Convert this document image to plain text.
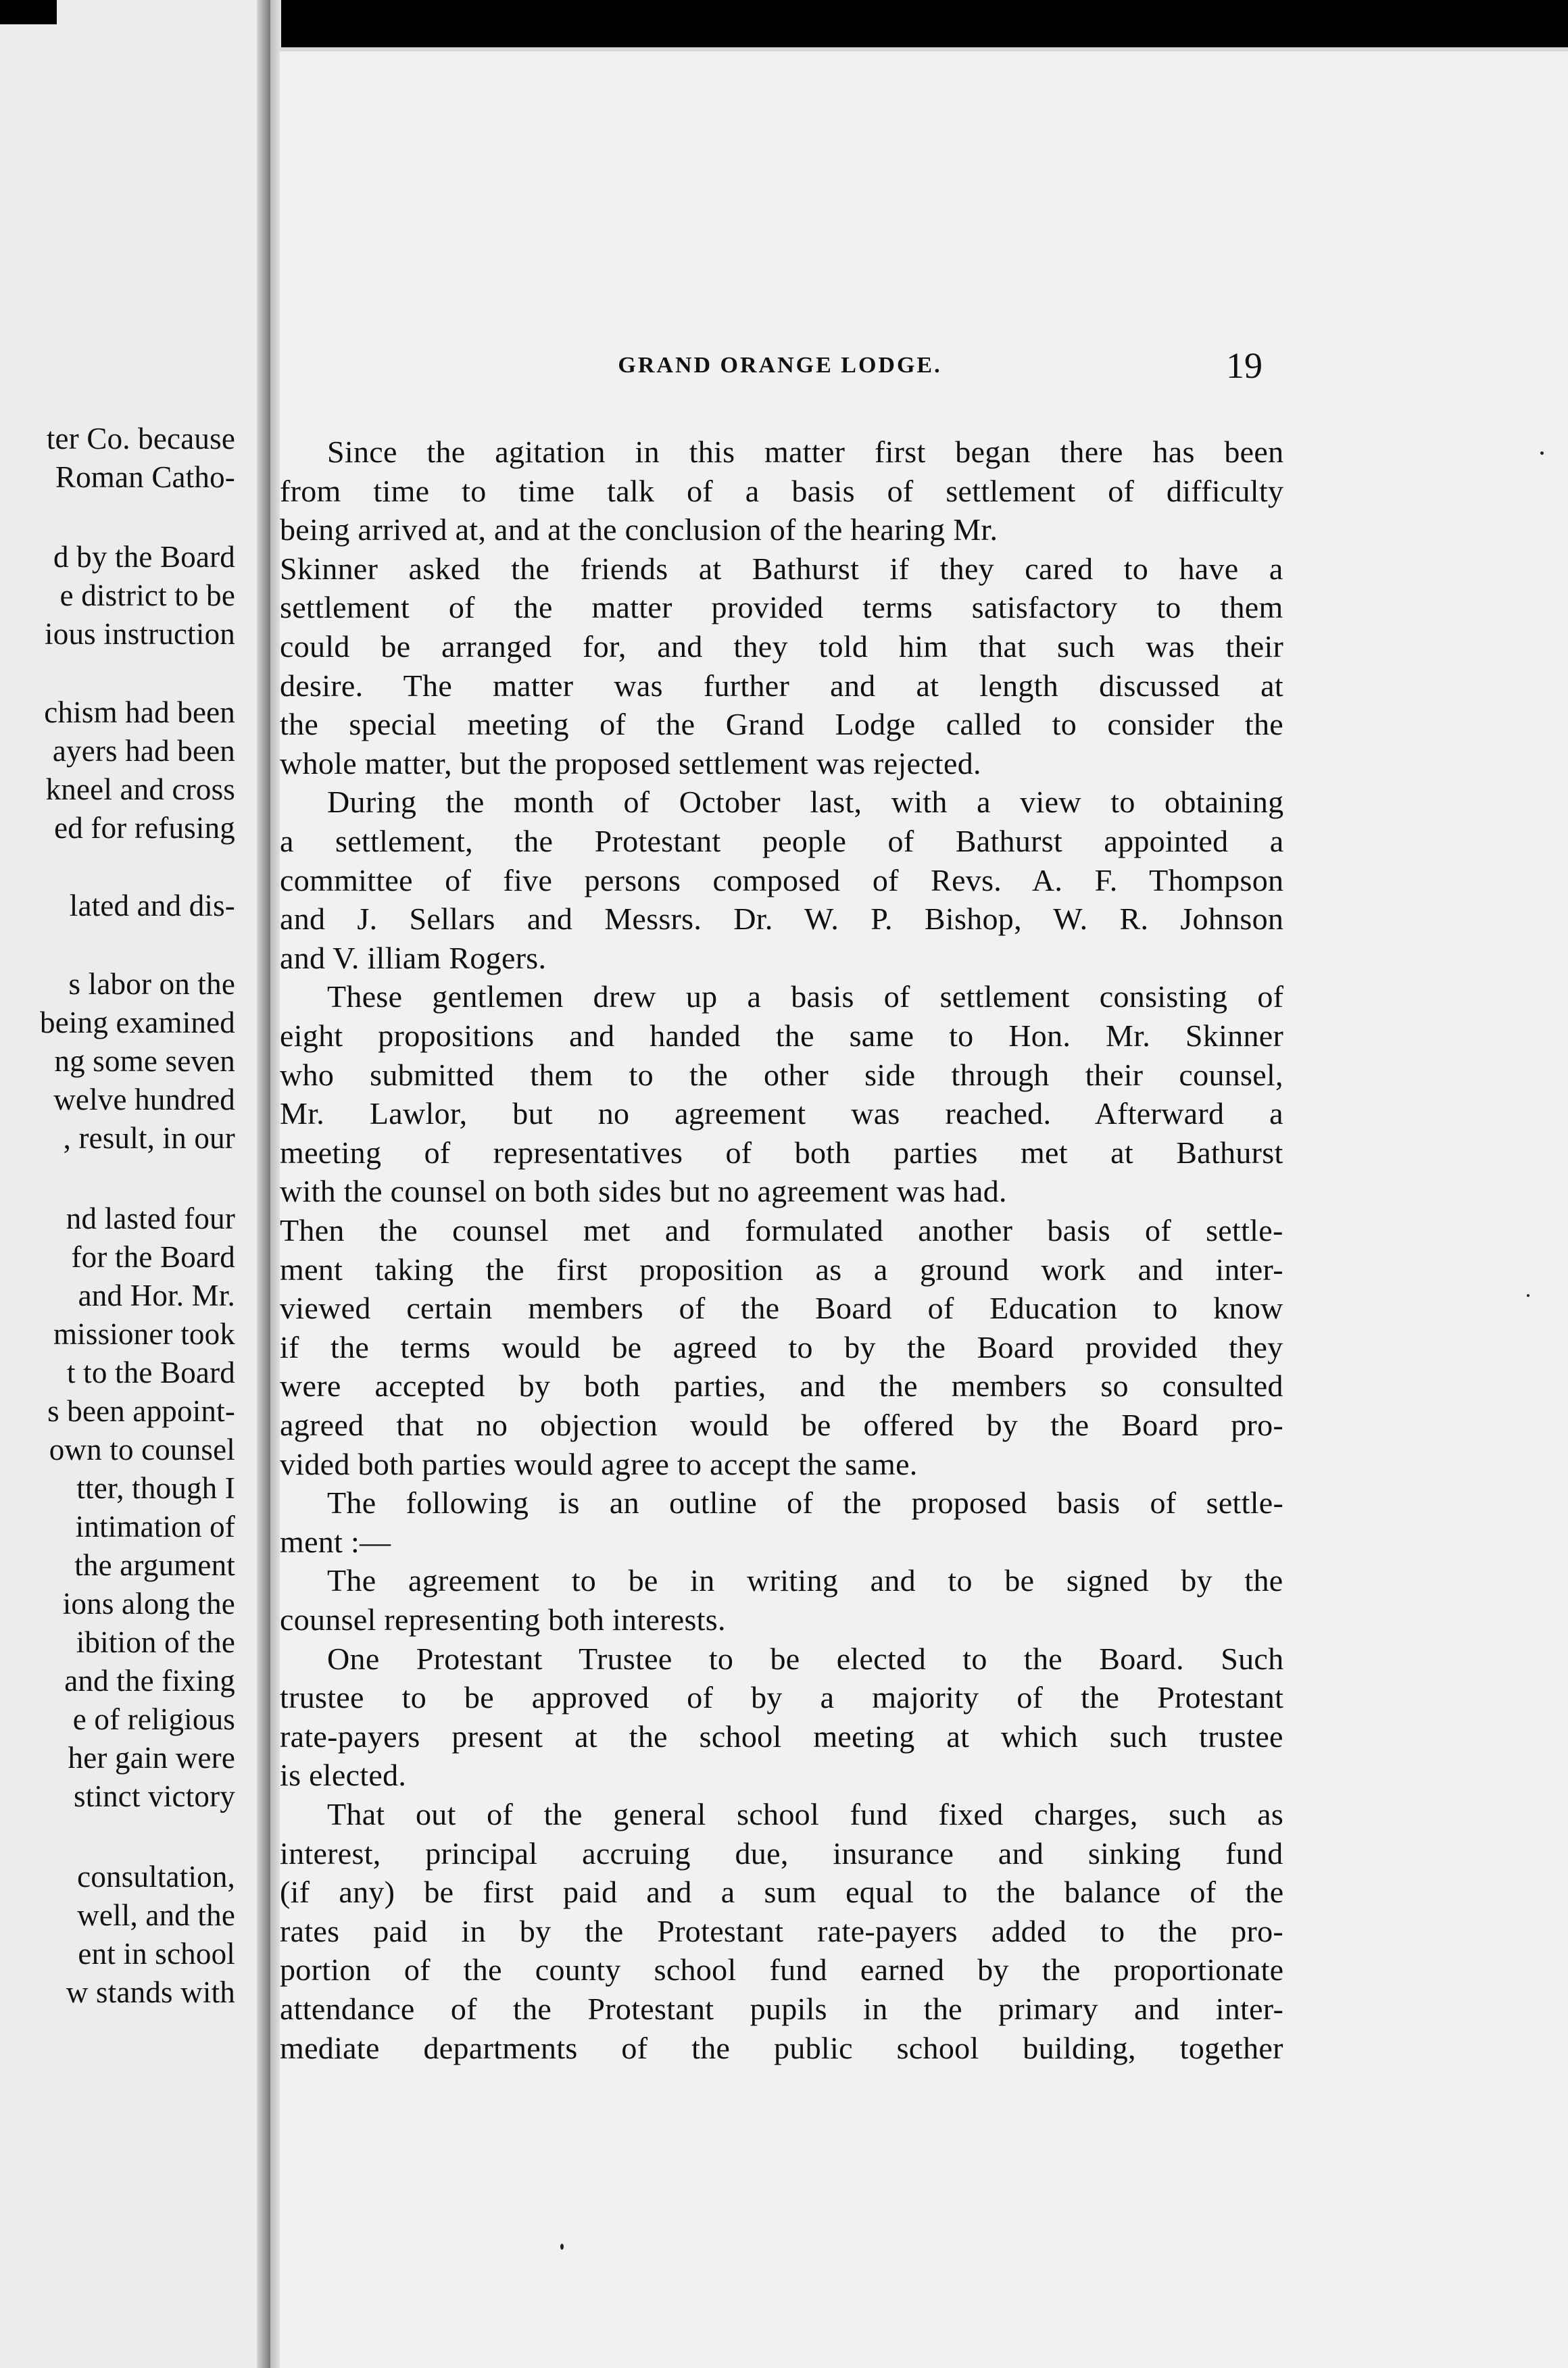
ter Co. because
Roman Catho-
d by the Board
e district to be
ious instruction
chism had been
ayers had been
kneel and cross
ed for refusing
lated and dis-
s labor on the
being examined
ng some seven
welve hundred
, result, in our
nd lasted four
for the Board
and Hor. Mr.
missioner took
t to the Board
s been appoint-
own to counsel
tter, though I
intimation of
the argument
ions along the
ibition of the
and the fixing
e of religious
her gain were
stinct victory
consultation,
well, and the
ent in school
w stands with
GRAND ORANGE LODGE.	19
Since the agitation in this matter first began there has been
from time to time talk of a basis of settlement of difficulty
being arrived at, and at the conclusion of the hearing Mr.
Skinner asked the friends at Bathurst if they cared to have a
settlement of the matter provided terms satisfactory to them
could be arranged for, and they told him that such was their
desire. The matter was further and at length discussed at
the special meeting of the Grand Lodge called to consider the
whole matter, but the proposed settlement was rejected.
During the month of October last, with a view to obtaining
a settlement, the Protestant people of Bathurst appointed a
committee of five persons composed of Revs. A. F. Thompson
and J. Sellars and Messrs. Dr. W. P. Bishop, W. R. Johnson
and V. illiam Rogers.
These gentlemen drew up a basis of settlement consisting of
eight propositions and handed the same to Hon. Mr. Skinner
who submitted them to the other side through their counsel,
Mr. Lawlor, but no agreement was reached. Afterward a
meeting of representatives of both parties met at Bathurst
with the counsel on both sides but no agreement was had.
Then the counsel met and formulated another basis of settle-
ment taking the first proposition as a ground work and inter-
viewed certain members of the Board of Education to know
if the terms would be agreed to by the Board provided they
were accepted by both parties, and the members so consulted
agreed that no objection would be offered by the Board pro-
vided both parties would agree to accept the same.
The following is an outline of the proposed basis of settle-
ment :—
The agreement to be in writing and to be signed by the
counsel representing both interests.
One Protestant Trustee to be elected to the Board. Such
trustee to be approved of by a majority of the Protestant
rate-payers present at the school meeting at which such trustee
is elected.
That out of the general school fund fixed charges, such as
interest, principal accruing due, insurance and sinking fund
(if any) be first paid and a sum equal to the balance of the
rates paid in by the Protestant rate-payers added to the pro-
portion of the county school fund earned by the proportionate
attendance of the Protestant pupils in the primary and inter-
mediate departments of the public school building, together
